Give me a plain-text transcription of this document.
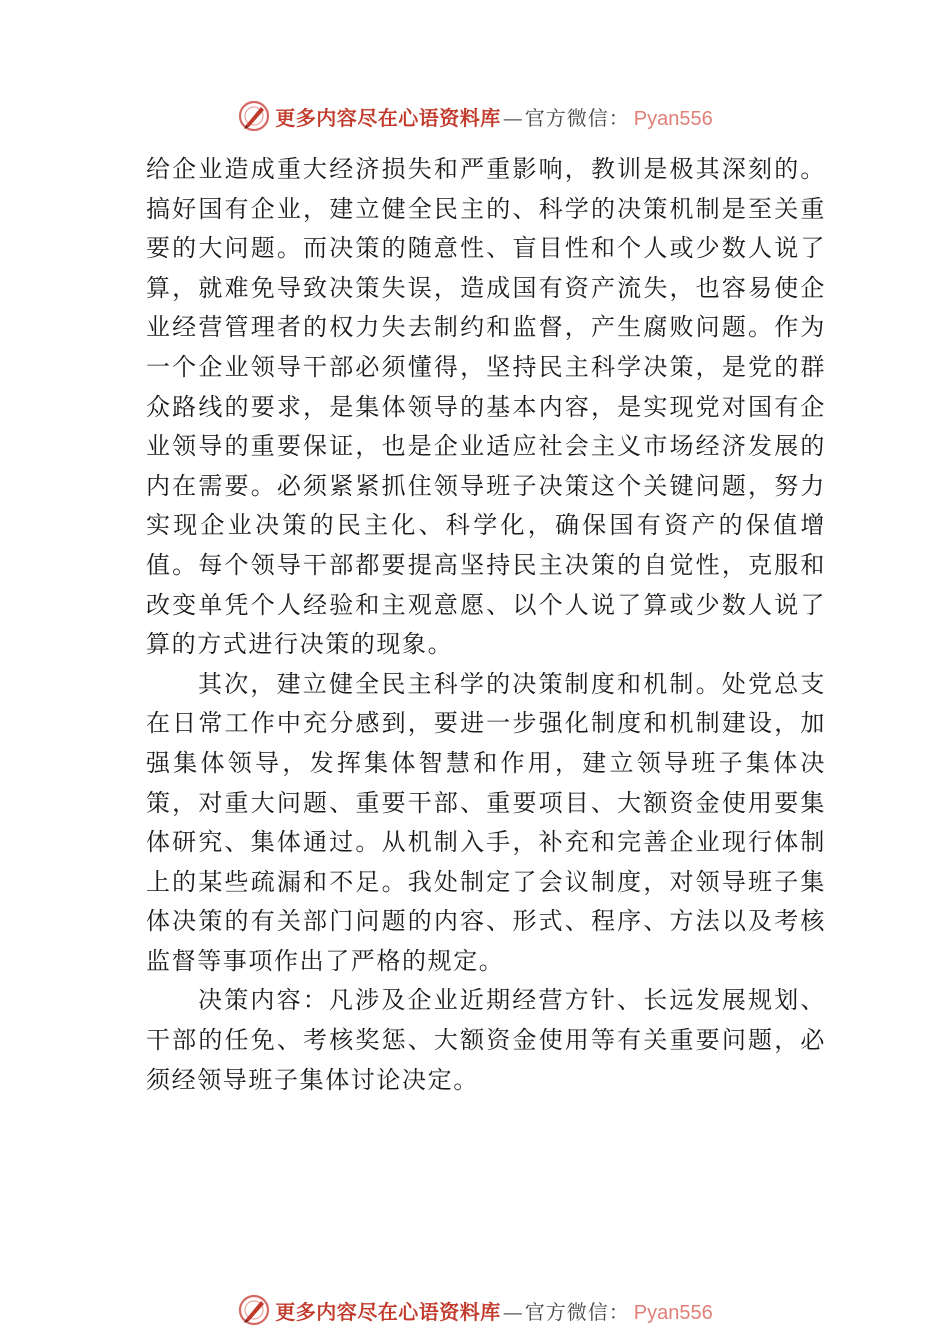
更多内容尽在心语资料库 — 官方微信： Pyan556

给企业造成重大经济损失和严重影响，教训是极其深刻的。 搞好国有企业，建立健全民主的、科学的决策机制是至关重要的大问题。而决策的随意性、盲目性和个人或少数人说了算，就难免导致决策失误，造成国有资产流失，也容易使企业经营管理者的权力失去制约和监督，产生腐败问题。作为一个企业领导干部必须懂得，坚持民主科学决策，是党的群众路线的要求，是集体领导的基本内容，是实现党对国有企业领导的重要保证，也是企业适应社会主义市场经济发展的内在需要。必须紧紧抓住领导班子决策这个关键问题，努力实现企业决策的民主化、科学化，确保国有资产的保值增值。每个领导干部都要提高坚持民主决策的自觉性，克服和改变单凭个人经验和主观意愿、以个人说了算或少数人说了算的方式进行决策的现象。

其次，建立健全民主科学的决策制度和机制。处党总支在日常工作中充分感到，要进一步强化制度和机制建设，加强集体领导，发挥集体智慧和作用，建立领导班子集体决策，对重大问题、重要干部、重要项目、大额资金使用要集体研究、集体通过。从机制入手，补充和完善企业现行体制上的某些疏漏和不足。我处制定了会议制度，对领导班子集体决策的有关部门问题的内容、形式、程序、方法以及考核监督等事项作出了严格的规定。

决策内容：凡涉及企业近期经营方针、长远发展规划、干部的任免、考核奖惩、大额资金使用等有关重要问题，必须经领导班子集体讨论决定。

更多内容尽在心语资料库 — 官方微信： Pyan556
